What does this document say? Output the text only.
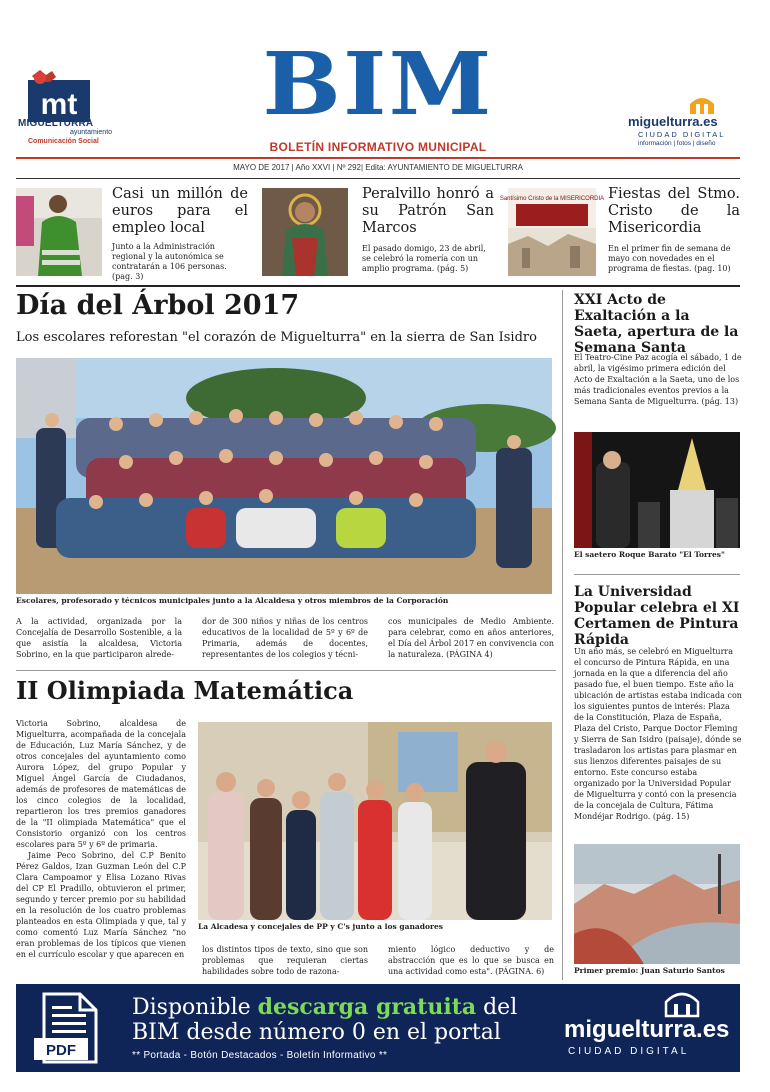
mt
MIGUELTURRA
ayuntamiento
Comunicación Social
BIM
BOLETÍN INFORMATIVO MUNICIPAL
miguelturra.es
CIUDAD DIGITAL
información | fotos | diseño
MAYO DE 2017 | Año XXVI | Nº 292| Edita: AYUNTAMIENTO DE MIGUELTURRA
Casi un millón de euros para el empleo local
Junto a la Administración regional y la autonómica se contratarán a 106 personas. (pag. 3)
Peralvillo honró a su Patrón San Marcos
El pasado domigo, 23 de abril, se celebró la romería con un amplio programa. (pág. 5)
Santísimo Cristo de la MISERICORDIA Fiestas del Stmo. Cristo de la Misericordia
En el primer fin de semana de mayo con novedades en el programa de fiestas. (pag. 10)
Día del Árbol 2017
Los escolares reforestan "el corazón de Miguelturra" en la sierra de San Isidro
Escolares, profesorado y técnicos municipales junto a la Alcaldesa y otros miembros de la Corporación
A la actividad, organizada por la Concejalía de Desarrollo Sostenible, a la que asistía la alcaldesa, Victoria Sobrino, en la que participaron alrede-
dor de 300 niños y niñas de los centros educativos de la localidad de 5º y 6º de Primaria, además de docentes, representantes de los colegios y técni-
cos municipales de Medio Ambiente. para celebrar, como en años anteriores, el Día del Árbol 2017 en convivencia con la naturaleza. (PÁGINA 4)
II Olimpiada Matemática
Victoria Sobrino, alcaldesa de Miguelturra, acompañada de la concejala de Educación, Luz María Sánchez, y de otros concejales del ayuntamiento como Aurora López, del grupo Popular y Miguel Ángel García de Ciudadanos, además de profesores de matemáticas de los cinco colegios de la localidad, repartieron los tres premios ganadores de la "II olimpiada Matemática" que el Consistorio organizó con los centros escolares para 5º y 6º de primaria.
Jaime Peco Sobrino, del C.P Benito Pérez Galdos, Izan Guzman León del C.P Clara Campoamor y Elisa Lozano Rivas del CP El Pradillo, obtuvieron el primer, segundo y tercer premio por su habilidad en la resolución de los cuatro problemas planteados en esta Olimpiada y que, tal y como comentó Luz María Sánchez "no eran problemas de los típicos que vienen en el currículo escolar y que aparecen en
La Alcadesa y concejales de PP y C's junto a los ganadores
los distintos tipos de texto, sino que son problemas que requieran ciertas habilidades sobre todo de razona-
miento lógico deductivo y de abstracción que es lo que se busca en una actividad como esta". (PÁGINA. 6)
XXI Acto de Exaltación a la Saeta, apertura de la Semana Santa
El Teatro-Cine Paz acogía el sábado, 1 de abril, la vigésimo primera edición del Acto de Exaltación a la Saeta, uno de los más tradicionales eventos previos a la Semana Santa de Miguelturra. (pág. 13)
El saetero Roque Barato "El Torres"
La Universidad Popular celebra el XI Certamen de Pintura Rápida
Un año más, se celebró en Miguelturra el concurso de Pintura Rápida, en una jornada en la que a diferencia del año pasado fue, el buen tiempo. Este año la ubicación de artistas estaba indicada con los siguientes puntos de interés: Plaza de la Constitución, Plaza de España, Plaza del Cristo, Parque Doctor Fleming y Sierra de San Isidro (paisaje), dónde se trasladaron los artistas para plasmar en sus lienzos diferentes paisajes de su entorno. Este concurso estaba organizado por la Universidad Popular de Miguelturra y contó con la presencia de la concejala de Cultura, Fátima Mondéjar Rodrigo. (pág. 15)
Primer premio: Juan Saturio Santos
PDF
Disponible descarga gratuita del
BIM desde número 0 en el portal
** Portada - Botón Destacados - Boletín Informativo **
miguelturra.es
CIUDAD DIGITAL
